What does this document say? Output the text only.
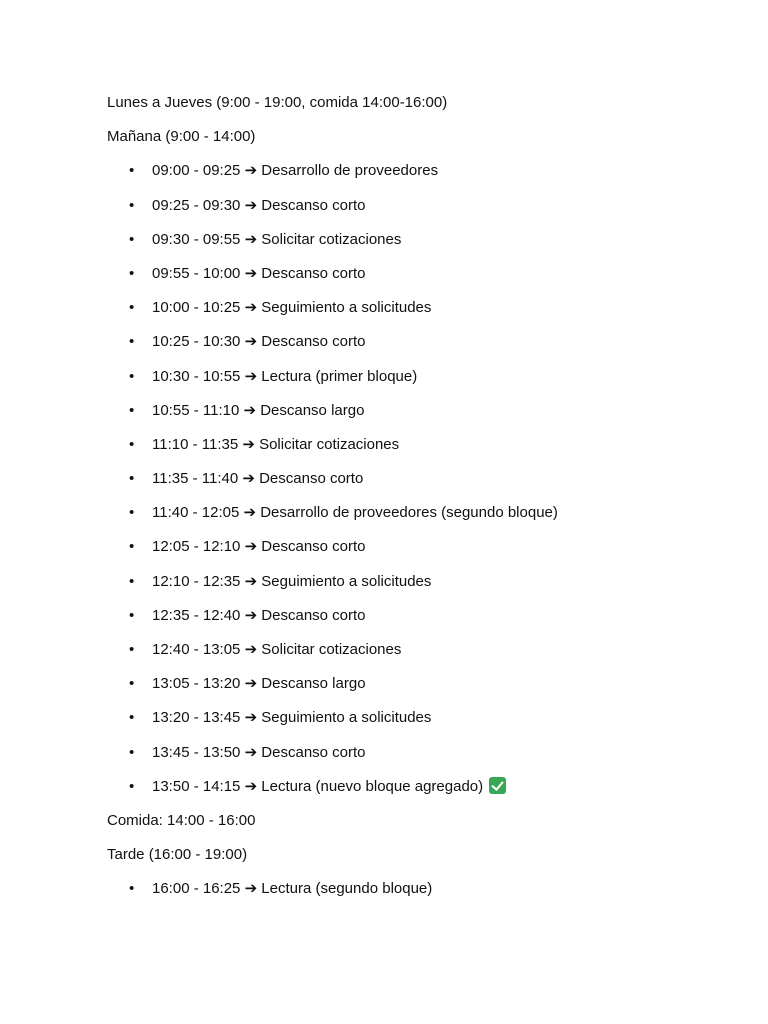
Lunes a Jueves (9:00 - 19:00, comida 14:00-16:00)
Mañana (9:00 - 14:00)
• 09:00 - 09:25 ➔ Desarrollo de proveedores
• 09:25 - 09:30 ➔ Descanso corto
• 09:30 - 09:55 ➔ Solicitar cotizaciones
• 09:55 - 10:00 ➔ Descanso corto
• 10:00 - 10:25 ➔ Seguimiento a solicitudes
• 10:25 - 10:30 ➔ Descanso corto
• 10:30 - 10:55 ➔ Lectura (primer bloque)
• 10:55 - 11:10 ➔ Descanso largo
• 11:10 - 11:35 ➔ Solicitar cotizaciones
• 11:35 - 11:40 ➔ Descanso corto
• 11:40 - 12:05 ➔ Desarrollo de proveedores (segundo bloque)
• 12:05 - 12:10 ➔ Descanso corto
• 12:10 - 12:35 ➔ Seguimiento a solicitudes
• 12:35 - 12:40 ➔ Descanso corto
• 12:40 - 13:05 ➔ Solicitar cotizaciones
• 13:05 - 13:20 ➔ Descanso largo
• 13:20 - 13:45 ➔ Seguimiento a solicitudes
• 13:45 - 13:50 ➔ Descanso corto
• 13:50 - 14:15 ➔ Lectura (nuevo bloque agregado)
Comida: 14:00 - 16:00
Tarde (16:00 - 19:00)
• 16:00 - 16:25 ➔ Lectura (segundo bloque)
